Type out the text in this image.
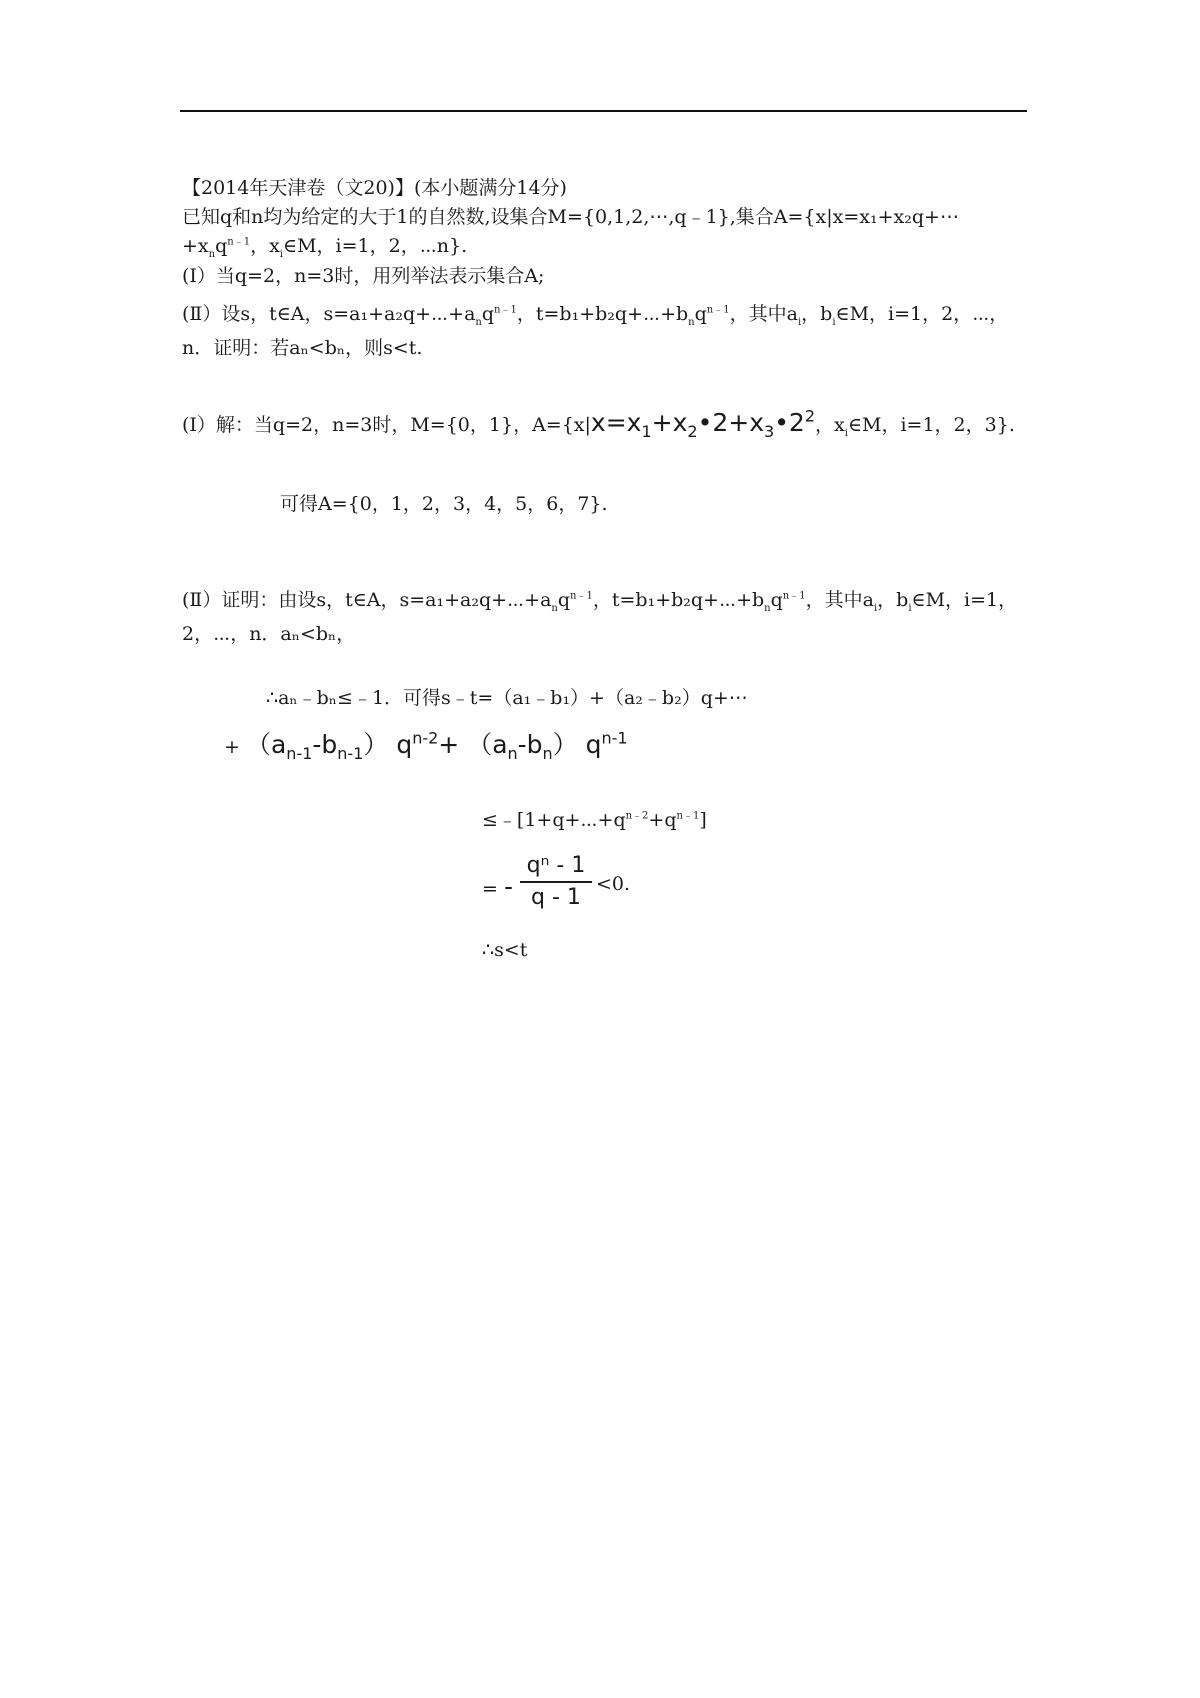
【2014年天津卷（文20)】(本小题满分14分)
已知q和n均为给定的大于1的自然数,设集合M={0,1,2,⋯,q﹣1},集合A={x|x=x₁+x₂q+⋯
$+x_nq^{n﹣1}$，$x_i\in M$，i=1，2，⋯n}.
(Ⅰ）当q=2，n=3时，用列举法表示集合A;
(Ⅱ）设s，t∈A，$s=a_1+a_2q+\cdots+a_nq^{n﹣1}$，$t=b_1+b_2q+\cdots+b_nq^{n﹣1}$，其中$a_i$，$b_i\in M$，i=1，2，⋯，
n．证明：若aₙ<bₙ，则s<t.
(Ⅰ）解：当q=2，n=3时，M={0，1}，$A=\{x|x=x_1+x_2•2+x_3•2^2$，$x_i\in M$，i=1，2，3}.
可得A={0，1，2，3，4，5，6，7}.
(Ⅱ）证明：由设s，t∈A，$s=a_1+a_2q+\cdots+a_nq^{n﹣1}$，$t=b_1+b_2q+\cdots+b_nq^{n﹣1}$，其中$a_i$，$b_i\in M$，i=1，
2，⋯，n．aₙ<bₙ，
∴aₙ﹣bₙ≤﹣1．可得s﹣t=（a₁﹣b₁）+（a₂﹣b₂）q+⋯
+ $(a_{n-1}-b_{n-1})$ $q^{n-2}+ (a_n-b_n)$ $q^{n-1}$
$\le﹣[1+q+\cdots+q^{n﹣2}+q^{n﹣1}]$
= -
qⁿ - 1
q - 1
<0.
∴s<t
